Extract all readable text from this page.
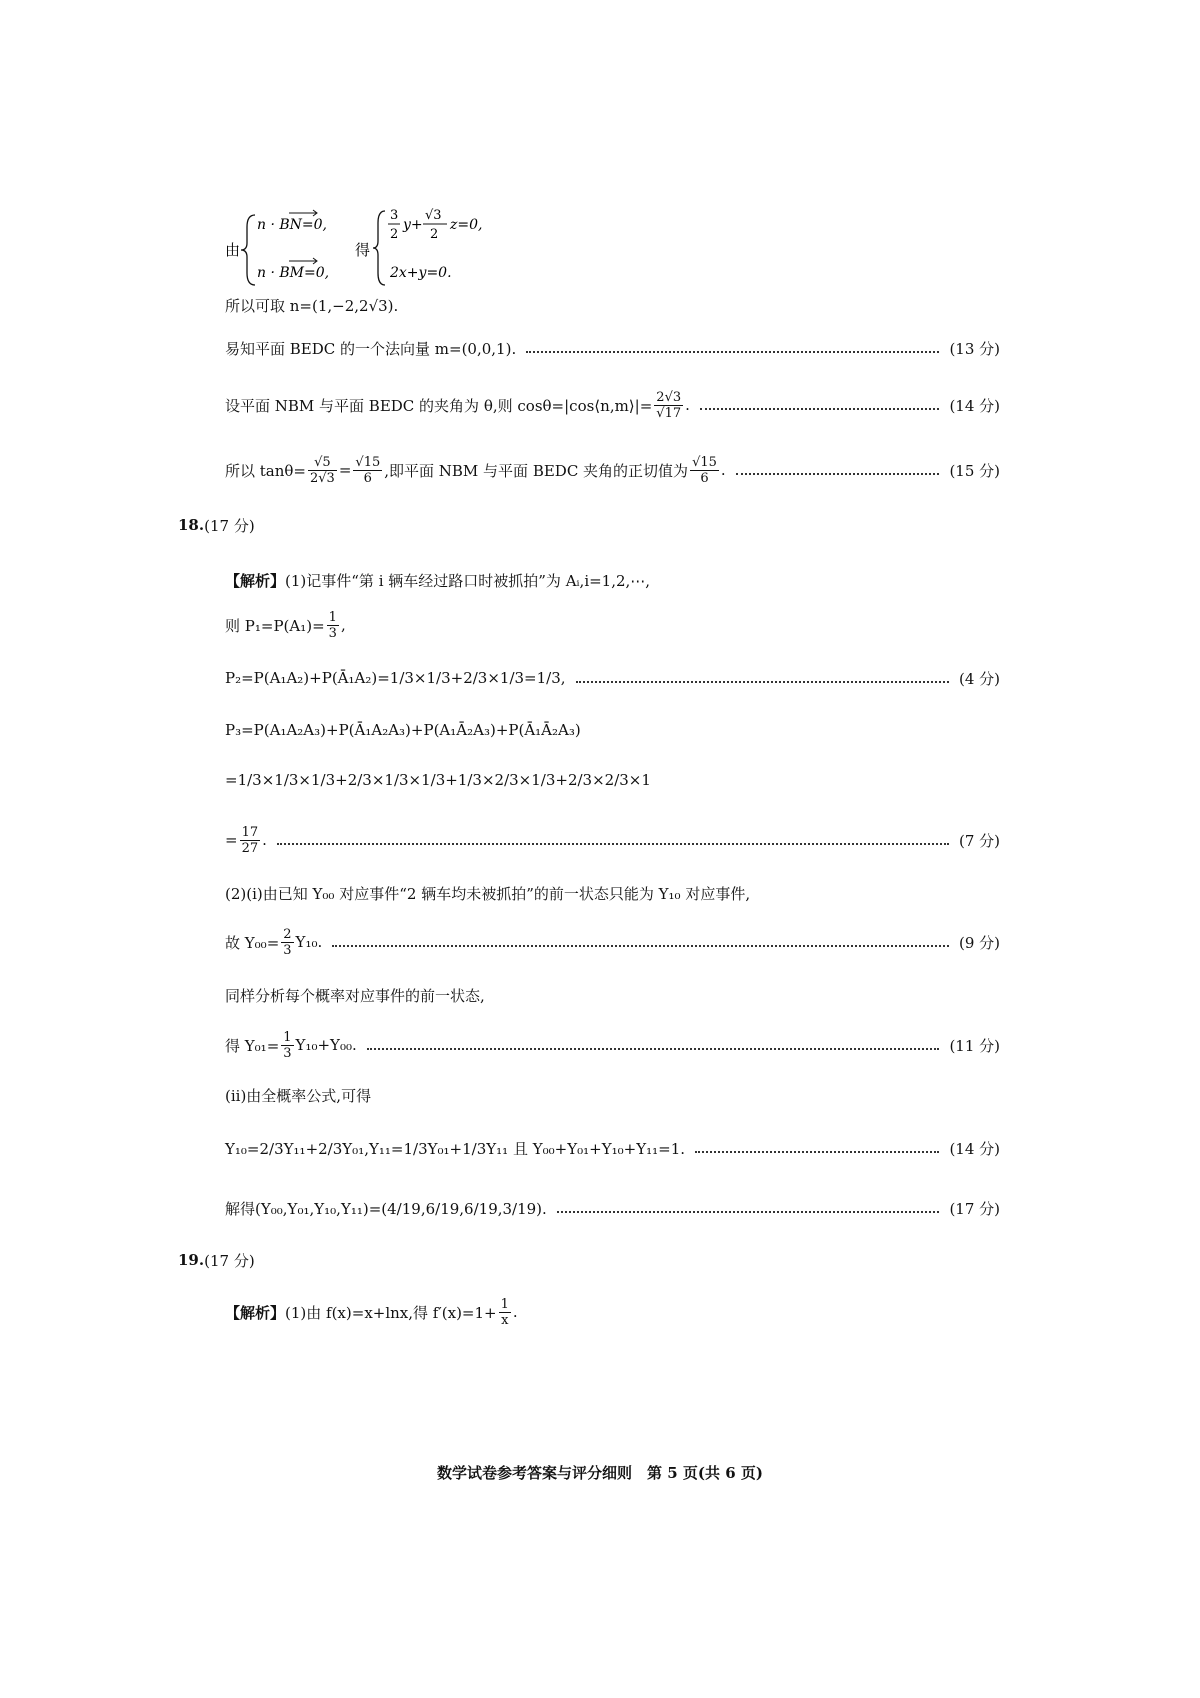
由
n · BN=0,
n · BM=0,
得
3
2
y+
√3
2
z=0,
2x+y=0.
所以可取 n=(1,−2,2√3).
易知平面 BEDC 的一个法向量 m=(0,0,1).	(13 分)
设平面 NBM 与平面 BEDC 的夹角为 θ,则 cosθ=|cos⟨n,m⟩|= $\frac{2√3}{√17}$ .	(14 分)
所以 $\tan\theta= \frac{√5}{2√3} = \frac{√15}{6}$ ,即平面 NBM 与平面 BEDC 夹角的正切值为 $\frac{√15}{6}$ .	(15 分)
18. (17 分)
【解析】 (1)记事件“第 i 辆车经过路口时被抓拍”为 Aᵢ,i=1,2,⋯,
则 $P_1=P(A_1)= \frac{1}{3}$ ,
P₂=P(A₁A₂)+P(Ā₁A₂)=1/3×1/3+2/3×1/3=1/3,	(4 分)
P₃=P(A₁A₂A₃)+P(Ā₁A₂A₃)+P(A₁Ā₂A₃)+P(Ā₁Ā₂A₃)
=1/3×1/3×1/3+2/3×1/3×1/3+1/3×2/3×1/3+2/3×2/3×1
= $\frac{17}{27}$ .	(7 分)
(2)(i)由已知 Y₀₀ 对应事件“2 辆车均未被抓拍”的前一状态只能为 Y₁₀ 对应事件,
故 $Y_{00}= \frac{2}{3} Y_{10}$.	(9 分)
同样分析每个概率对应事件的前一状态,
得 $Y_{01}= \frac{1}{3} Y_{10}+Y_{00}$.	(11 分)
(ii)由全概率公式,可得
Y₁₀=2/3Y₁₁+2/3Y₀₁,Y₁₁=1/3Y₀₁+1/3Y₁₁ 且 Y₀₀+Y₀₁+Y₁₀+Y₁₁=1.	(14 分)
解得(Y₀₀,Y₀₁,Y₁₀,Y₁₁)=(4/19,6/19,6/19,3/19).	(17 分)
19. (17 分)
【解析】 (1)由 f(x)=x+lnx,得 $f'(x)=1+ \frac{1}{x}$ .
数学试卷参考答案与评分细则　第 5 页(共 6 页)
